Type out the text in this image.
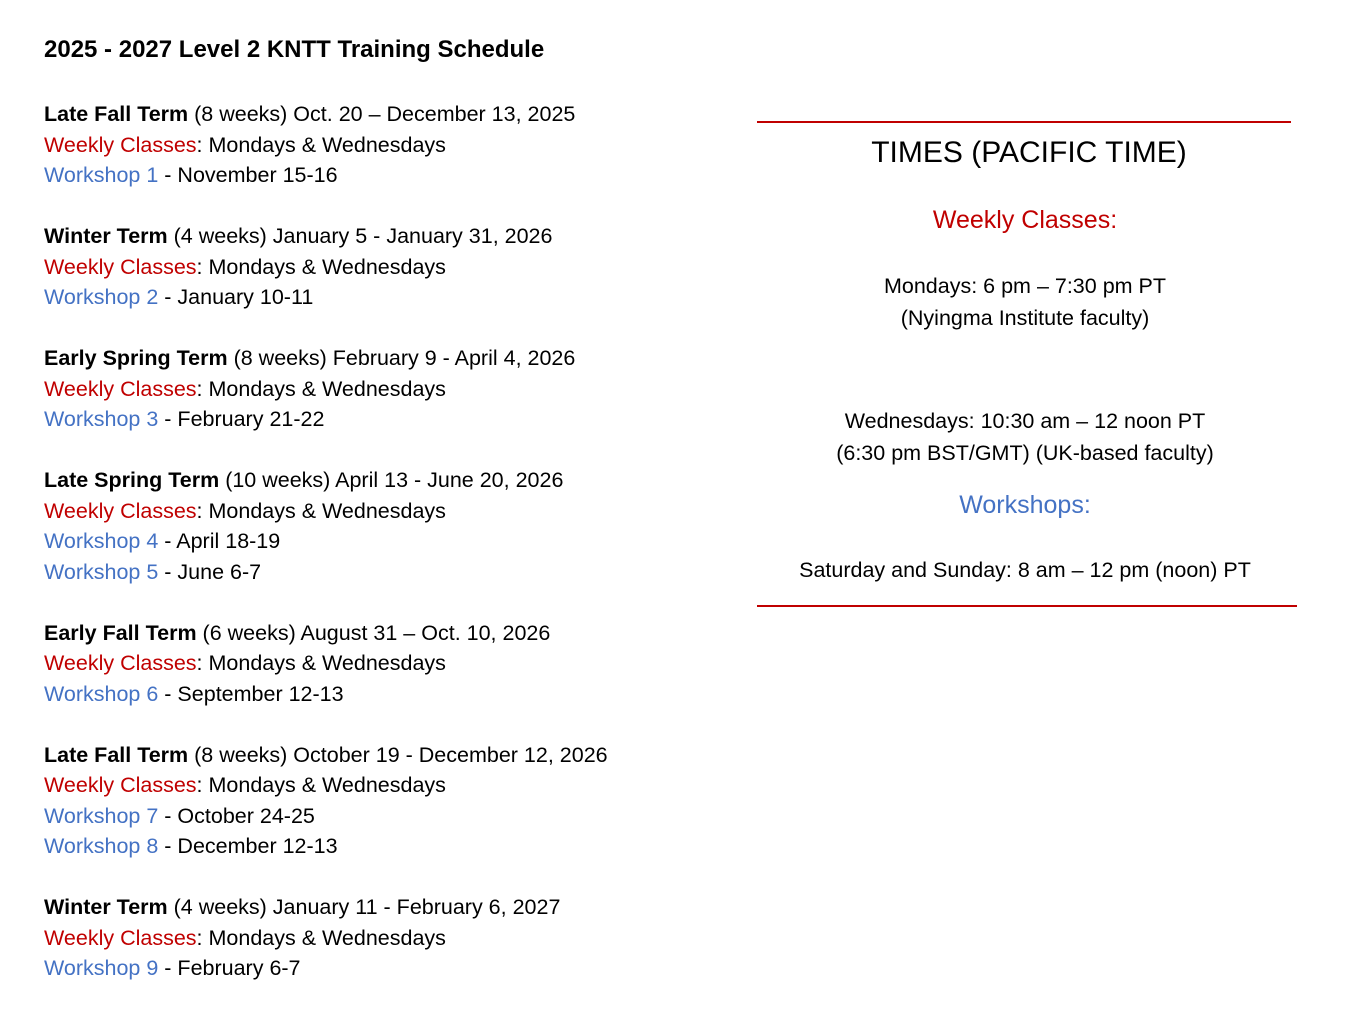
2025 - 2027 Level 2 KNTT Training Schedule
Late Fall Term (8 weeks) Oct. 20 – December 13, 2025
Weekly Classes: Mondays & Wednesdays
Workshop 1 - November 15-16
Winter Term (4 weeks) January 5 - January 31, 2026
Weekly Classes: Mondays & Wednesdays
Workshop 2 - January 10-11
Early Spring Term (8 weeks) February 9 - April 4, 2026
Weekly Classes: Mondays & Wednesdays
Workshop 3 - February 21-22
Late Spring Term (10 weeks) April 13 - June 20, 2026
Weekly Classes: Mondays & Wednesdays
Workshop 4 - April 18-19
Workshop 5 - June 6-7
Early Fall Term (6 weeks) August 31 – Oct. 10, 2026
Weekly Classes: Mondays & Wednesdays
Workshop 6 - September 12-13
Late Fall Term (8 weeks) October 19 - December 12, 2026
Weekly Classes: Mondays & Wednesdays
Workshop 7 - October 24-25
Workshop 8 - December 12-13
Winter Term (4 weeks) January 11 - February 6, 2027
Weekly Classes: Mondays & Wednesdays
Workshop 9 - February 6-7
TIMES (PACIFIC TIME)
Weekly Classes:
Mondays: 6 pm – 7:30 pm PT
(Nyingma Institute faculty)
Wednesdays: 10:30 am – 12 noon PT
(6:30 pm BST/GMT) (UK-based faculty)
Workshops:
Saturday and Sunday: 8 am – 12 pm (noon) PT
